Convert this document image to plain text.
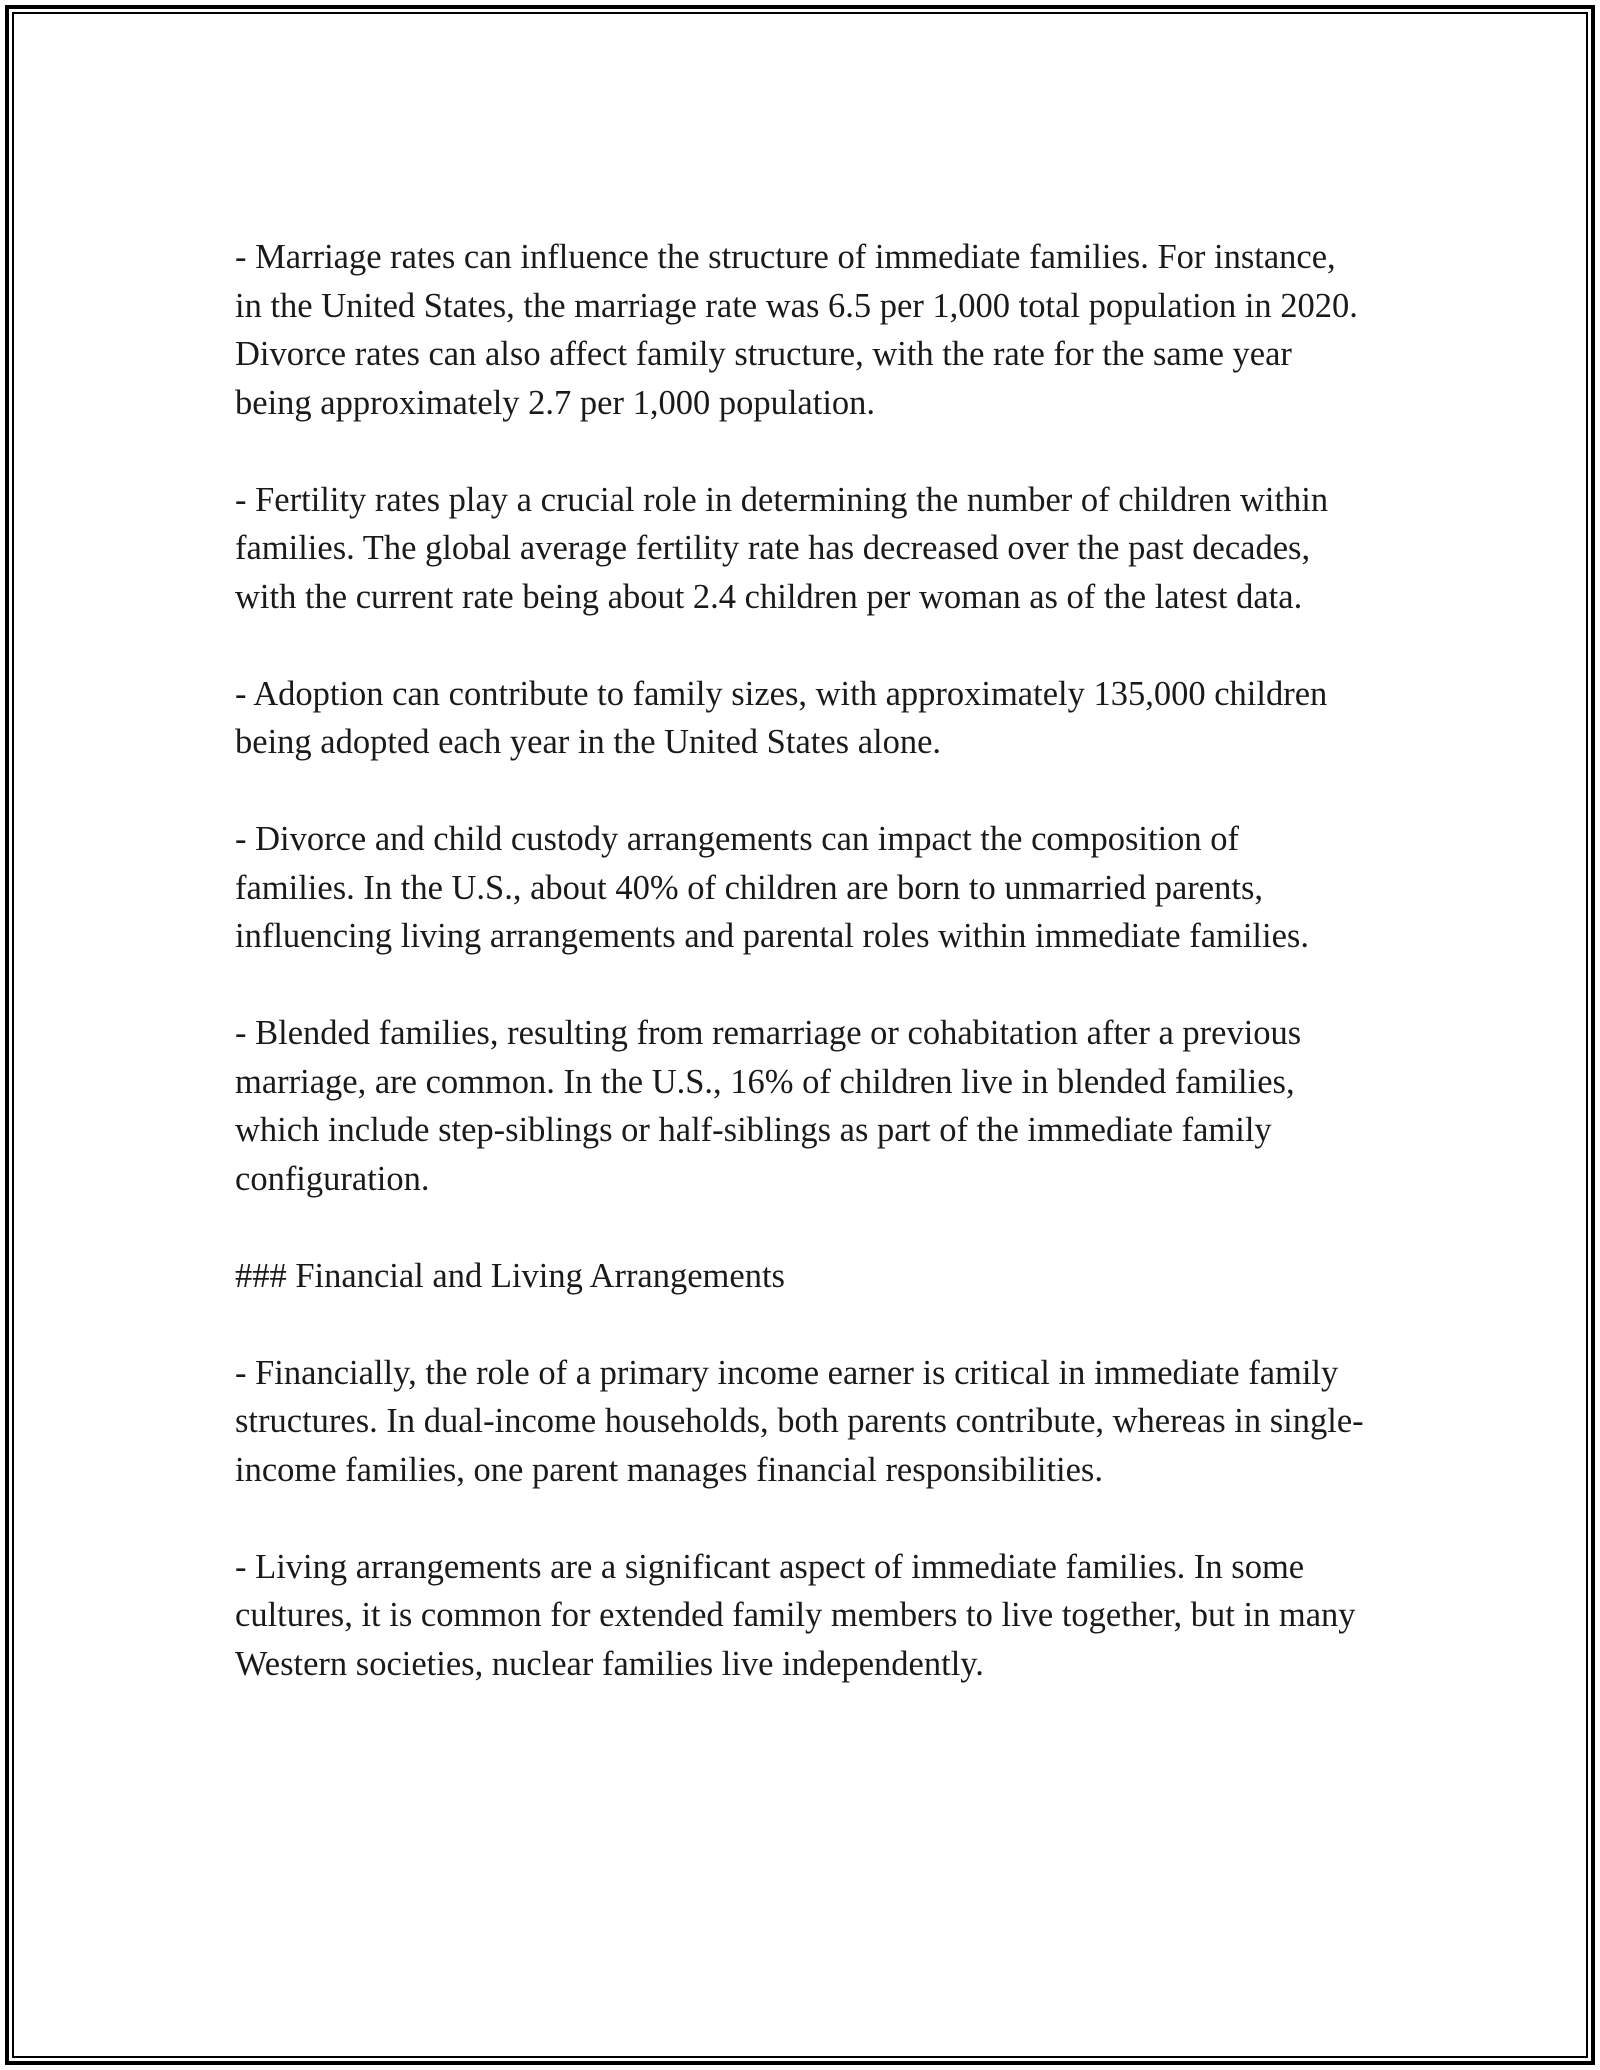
- Marriage rates can influence the structure of immediate families. For instance, in the United States, the marriage rate was 6.5 per 1,000 total population in 2020. Divorce rates can also affect family structure, with the rate for the same year being approximately 2.7 per 1,000 population.

- Fertility rates play a crucial role in determining the number of children within families. The global average fertility rate has decreased over the past decades, with the current rate being about 2.4 children per woman as of the latest data.

- Adoption can contribute to family sizes, with approximately 135,000 children being adopted each year in the United States alone.

- Divorce and child custody arrangements can impact the composition of families. In the U.S., about 40% of children are born to unmarried parents, influencing living arrangements and parental roles within immediate families.

- Blended families, resulting from remarriage or cohabitation after a previous marriage, are common. In the U.S., 16% of children live in blended families, which include step-siblings or half-siblings as part of the immediate family configuration.

### Financial and Living Arrangements

- Financially, the role of a primary income earner is critical in immediate family structures. In dual-income households, both parents contribute, whereas in single-income families, one parent manages financial responsibilities.

- Living arrangements are a significant aspect of immediate families. In some cultures, it is common for extended family members to live together, but in many Western societies, nuclear families live independently.
